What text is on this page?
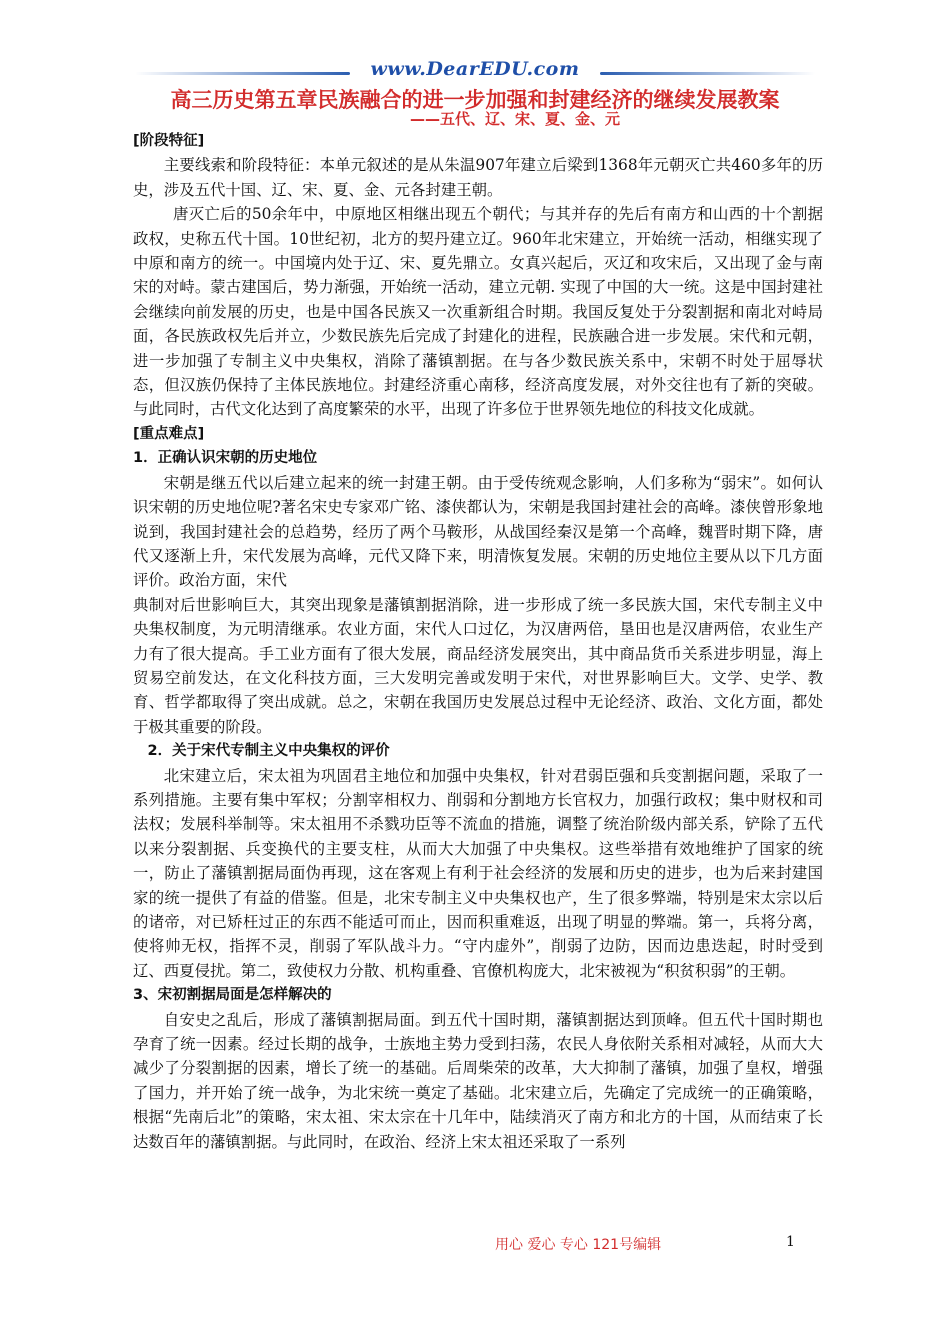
www.DearEDU.com
高三历史第五章民族融合的进一步加强和封建经济的继续发展教案
——五代、辽、宋、夏、金、元

[阶段特征]

主要线索和阶段特征：本单元叙述的是从朱温907年建立后梁到1368年元朝灭亡共460多年的历史，涉及五代十国、辽、宋、夏、金、元各封建王朝。

唐灭亡后的50余年中，中原地区相继出现五个朝代；与其并存的先后有南方和山西的十个割据政权，史称五代十国。10世纪初，北方的契丹建立辽。960年北宋建立，开始统一活动，相继实现了中原和南方的统一。中国境内处于辽、宋、夏先鼎立。女真兴起后，灭辽和攻宋后，又出现了金与南宋的对峙。蒙古建国后，势力渐强，开始统一活动，建立元朝. 实现了中国的大一统。这是中国封建社会继续向前发展的历史，也是中国各民族又一次重新组合时期。我国反复处于分裂割据和南北对峙局面，各民族政权先后并立，少数民族先后完成了封建化的进程，民族融合进一步发展。宋代和元朝，进一步加强了专制主义中央集权，消除了藩镇割据。在与各少数民族关系中，宋朝不时处于屈辱状态，但汉族仍保持了主体民族地位。封建经济重心南移，经济高度发展，对外交往也有了新的突破。与此同时，古代文化达到了高度繁荣的水平，出现了许多位于世界领先地位的科技文化成就。

[重点难点]

1．正确认识宋朝的历史地位

宋朝是继五代以后建立起来的统一封建王朝。由于受传统观念影响，人们多称为“弱宋”。如何认识宋朝的历史地位呢?著名宋史专家邓广铭、漆侠都认为，宋朝是我国封建社会的高峰。漆侠曾形象地说到，我国封建社会的总趋势，经历了两个马鞍形，从战国经秦汉是第一个高峰，魏晋时期下降，唐代又逐渐上升，宋代发展为高峰，元代又降下来，明清恢复发展。宋朝的历史地位主要从以下几方面评价。政治方面，宋代

典制对后世影响巨大，其突出现象是藩镇割据消除，进一步形成了统一多民族大国，宋代专制主义中央集权制度，为元明清继承。农业方面，宋代人口过亿，为汉唐两倍，垦田也是汉唐两倍，农业生产力有了很大提高。手工业方面有了很大发展，商品经济发展突出，其中商品货币关系进步明显，海上贸易空前发达，在文化科技方面，三大发明完善或发明于宋代，对世界影响巨大。文学、史学、教育、哲学都取得了突出成就。总之，宋朝在我国历史发展总过程中无论经济、政治、文化方面，都处于极其重要的阶段。

2．关于宋代专制主义中央集权的评价

北宋建立后，宋太祖为巩固君主地位和加强中央集权，针对君弱臣强和兵变割据问题，采取了一系列措施。主要有集中军权；分割宰相权力、削弱和分割地方长官权力，加强行政权；集中财权和司法权；发展科举制等。宋太祖用不杀戮功臣等不流血的措施，调整了统治阶级内部关系，铲除了五代以来分裂割据、兵变换代的主要支柱，从而大大加强了中央集权。这些举措有效地维护了国家的统一，防止了藩镇割据局面伪再现，这在客观上有利于社会经济的发展和历史的进步，也为后来封建国家的统一提供了有益的借鉴。但是，北宋专制主义中央集权也产，生了很多弊端，特别是宋太宗以后的诸帝，对已矫枉过正的东西不能适可而止，因而积重难返，出现了明显的弊端。第一，兵将分离，使将帅无权，指挥不灵，削弱了军队战斗力。“守内虚外”，削弱了边防，因而边患迭起，时时受到辽、西夏侵扰。第二，致使权力分散、机构重叠、官僚机构庞大，北宋被视为“积贫积弱”的王朝。

3、宋初割据局面是怎样解决的

自安史之乱后，形成了藩镇割据局面。到五代十国时期，藩镇割据达到顶峰。但五代十国时期也孕育了统一因素。经过长期的战争，士族地主势力受到扫荡，农民人身依附关系相对减轻，从而大大减少了分裂割据的因素，增长了统一的基础。后周柴荣的改革，大大抑制了藩镇，加强了皇权，增强了国力，并开始了统一战争，为北宋统一奠定了基础。北宋建立后，先确定了完成统一的正确策略，根据“先南后北”的策略，宋太祖、宋太宗在十几年中，陆续消灭了南方和北方的十国，从而结束了长达数百年的藩镇割据。与此同时，在政治、经济上宋太祖还采取了一系列

用心 爱心 专心 121号编辑	1
